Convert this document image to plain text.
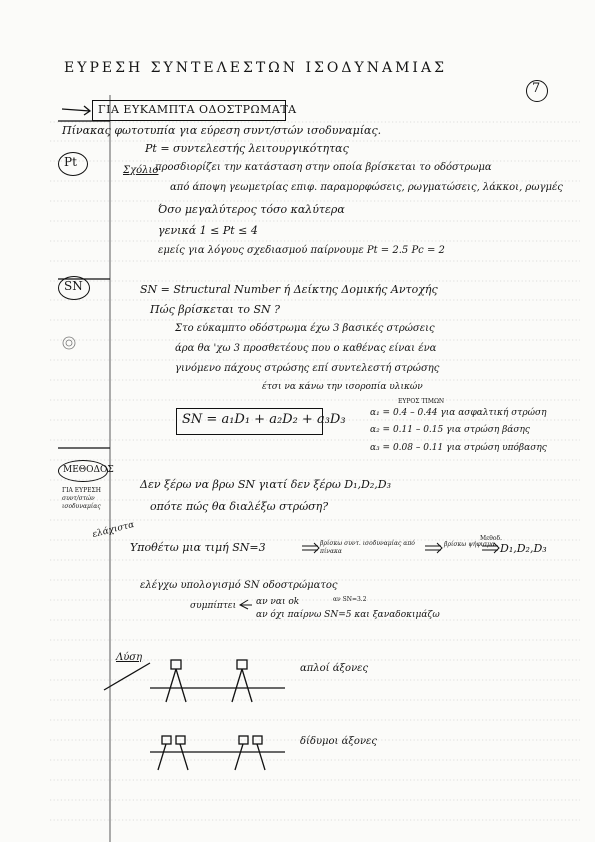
ΕΥΡΕΣΗ ΣΥΝΤΕΛΕΣΤΩΝ ΙΣΟΔΥΝΑΜΙΑΣ
7
ΓΙΑ ΕΥΚΑΜΠΤΑ ΟΔΟΣΤΡΩΜΑΤΑ
Πίνακας φωτοτυπία για εύρεση συντ/στών ισοδυναμίας.
Pt
Pt = συντελεστής λειτουργικότητας
Σχόλιο
προσδιορίζει την κατάσταση στην οποία βρίσκεται το οδόστρωμα
από άποψη γεωμετρίας επιφ. παραμορφώσεις, ρωγματώσεις, λάκκοι, ρωγμές
Όσο μεγαλύτερος τόσο καλύτερα
γενικά 1 ≤ Pt ≤ 4
εμείς για λόγους σχεδιασμού παίρνουμε Pt = 2.5 Pc = 2
SN	SN = Structural Number ή Δείκτης Δομικής Αντοχής
Πώς βρίσκεται το SN ?
Στο εύκαμπτο οδόστρωμα έχω 3 βασικές στρώσεις
άρα θα 'χω 3 προσθετέους που ο καθένας είναι ένα
γινόμενο πάχους στρώσης επί συντελεστή στρώσης
έτσι να κάνω την ισοροπία υλικών
SN = a₁D₁ + a₂D₂ + a₃D₃
ΕΥΡΟΣ ΤΙΜΩΝ
α₁ = 0.4 – 0.44 για ασφαλτική στρώση
α₂ = 0.11 – 0.15 για στρώση βάσης
α₃ = 0.08 – 0.11 για στρώση υπόβασης
ΜΕΘΟΔΟΣ
ΓΙΑ ΕΥΡΕΣΗ
συντ/στών
ισοδυναμίας
ελάχιστα
Δεν ξέρω να βρω SN γιατί δεν ξέρω D₁,D₂,D₃
οπότε πώς θα διαλέξω στρώση?
Υποθέτω μια τιμή SN=3	βρίσκω συντ. ισοδυναμίας από πίνακα
βρίσκω ψήφισμα
Μεθοδ.
D₁,D₂,D₃
ελέγχω υπολογισμό SN οδοστρώματος
συμπίπτει αν ναι ok
αν όχι παίρνω SN=5 και ξαναδοκιμάζω
αν SN=3.2
Λύση
απλοί άξονες
δίδυμοι άξονες
